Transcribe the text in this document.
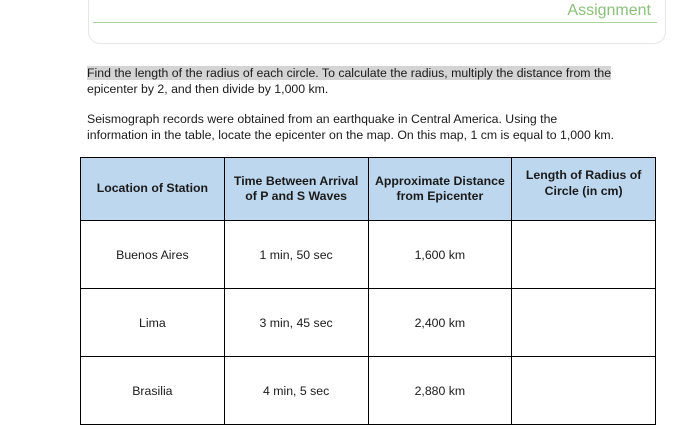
Assignment
Find the length of the radius of each circle. To calculate the radius, multiply the distance from the
epicenter by 2, and then divide by 1,000 km.
Seismograph records were obtained from an earthquake in Central America. Using the
information in the table, locate the epicenter on the map. On this map, 1 cm is equal to 1,000 km.
Location of Station	Time Between Arrival of P and S Waves	Approximate Distance from Epicenter	Length of Radius of Circle (in cm)
Buenos Aires	1 min, 50 sec	1,600 km	
Lima	3 min, 45 sec	2,400 km	
Brasilia	4 min, 5 sec	2,880 km	
